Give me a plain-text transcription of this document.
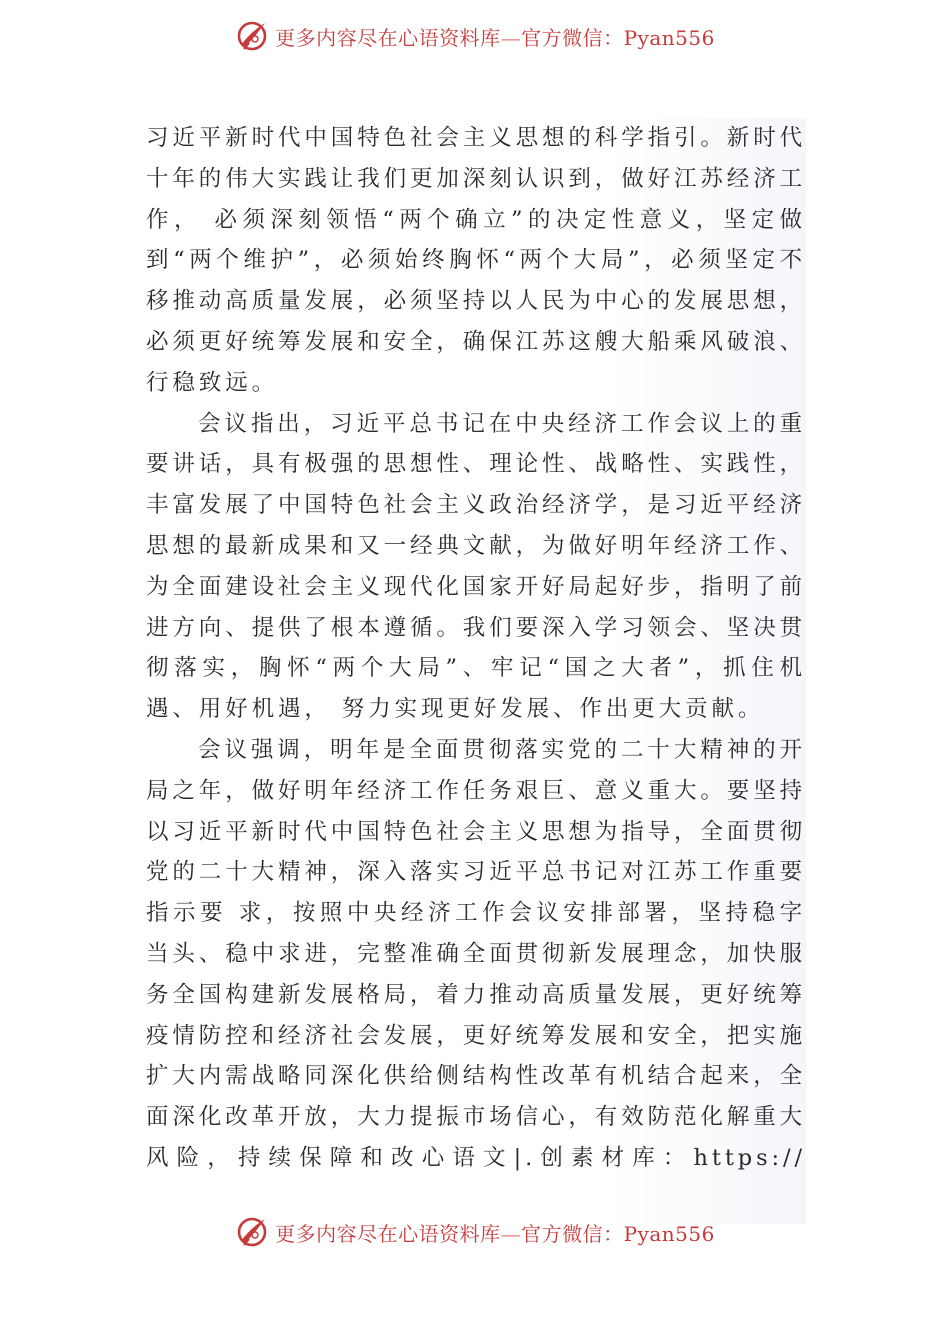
更多内容尽在心语资料库—官方微信：Pyan556

习近平新时代中国特色社会主义思想的科学指引。新时代十年的伟大实践让我们更加深刻认识到，做好江苏经济工作， 必须深刻领悟“两个确立”的决定性意义，坚定做到“两个维护”，必须始终胸怀“两个大局”，必须坚定不移推动高质量发展，必须坚持以人民为中心的发展思想，必须更好统筹发展和安全，确保江苏这艘大船乘风破浪、行稳致远。

会议指出，习近平总书记在中央经济工作会议上的重要讲话，具有极强的思想性、理论性、战略性、实践性，丰富发展了中国特色社会主义政治经济学，是习近平经济思想的最新成果和又一经典文献，为做好明年经济工作、为全面建设社会主义现代化国家开好局起好步，指明了前进方向、提供了根本遵循。我们要深入学习领会、坚决贯彻落实，胸怀“两个大局”、牢记“国之大者”，抓住机遇、用好机遇， 努力实现更好发展、作出更大贡献。

会议强调，明年是全面贯彻落实党的二十大精神的开局之年，做好明年经济工作任务艰巨、意义重大。要坚持以习近平新时代中国特色社会主义思想为指导，全面贯彻党的二十大精神，深入落实习近平总书记对江苏工作重要指示要 求，按照中央经济工作会议安排部署，坚持稳字当头、稳中求进，完整准确全面贯彻新发展理念，加快服务全国构建新发展格局，着力推动高质量发展，更好统筹疫情防控和经济社会发展，更好统筹发展和安全，把实施扩大内需战略同深化供给侧结构性改革有机结合起来，全面深化改革开放，大力提振市场信心，有效防范化解重大风险，持续保障和改心语文|.创素材库：https://

更多内容尽在心语资料库—官方微信：Pyan556
